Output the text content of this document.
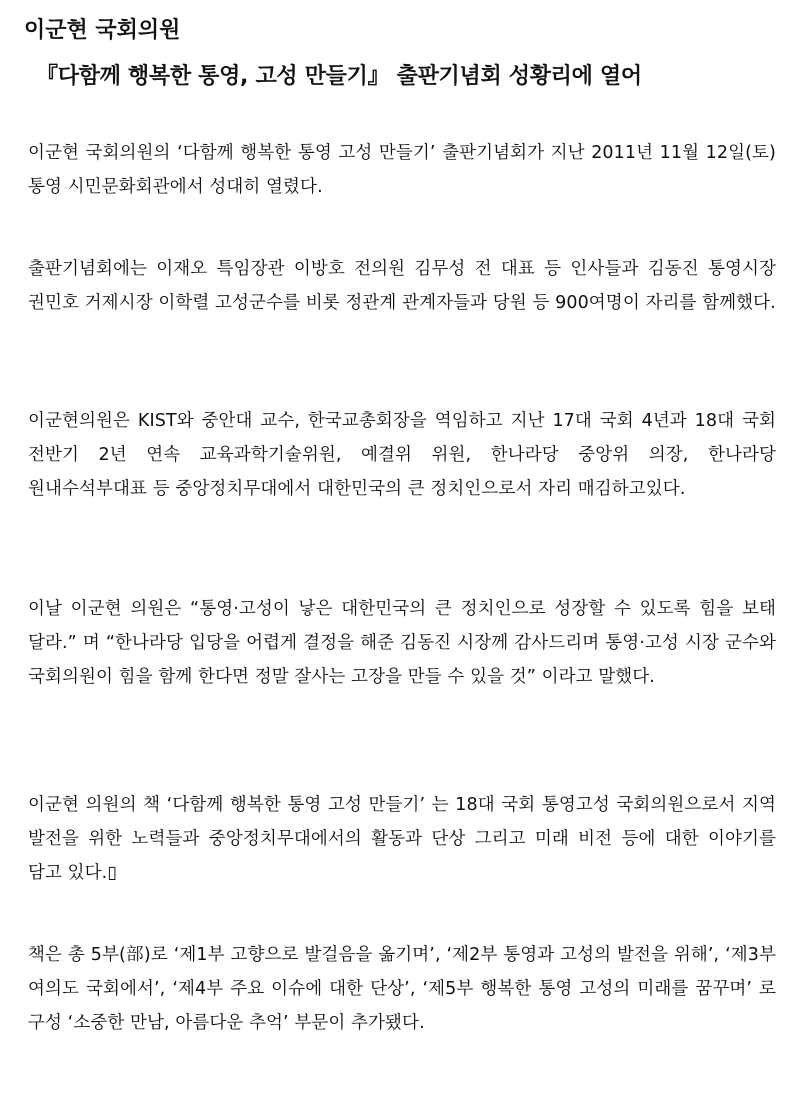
이군현 국회의원
『다함께 행복한 통영, 고성 만들기』 출판기념회 성황리에 열어
이군현 국회의원의 ‘다함께 행복한 통영 고성 만들기’ 출판기념회가 지난 2011년 11월 12일(토) 통영 시민문화회관에서 성대히 열렸다.
출판기념회에는 이재오 특임장관 이방호 전의원 김무성 전 대표 등 인사들과 김동진 통영시장 권민호 거제시장 이학렬 고성군수를 비롯 정관계 관계자들과 당원 등 900여명이 자리를 함께했다.
이군현의원은 KIST와 중안대 교수, 한국교총회장을 역임하고 지난 17대 국회 4년과 18대 국회 전반기 2년 연속 교육과학기술위원, 예결위 위원, 한나라당 중앙위 의장, 한나라당 원내수석부대표 등 중앙정치무대에서 대한민국의 큰 정치인으로서 자리 매김하고있다.
이날 이군현 의원은 “통영·고성이 낳은 대한민국의 큰 정치인으로 성장할 수 있도록 힘을 보태 달라.” 며 “한나라당 입당을 어렵게 결정을 해준 김동진 시장께 감사드리며 통영·고성 시장 군수와 국회의원이 힘을 함께 한다면 정말 잘사는 고장을 만들 수 있을 것” 이라고 말했다.
이군현 의원의 책 ‘다함께 행복한 통영 고성 만들기’ 는 18대 국회 통영고성 국회의원으로서 지역 발전을 위한 노력들과 중앙정치무대에서의 활동과 단상 그리고 미래 비전 등에 대한 이야기를 담고 있다.▯
책은 총 5부(部)로 ‘제1부 고향으로 발걸음을 옮기며’, ‘제2부 통영과 고성의 발전을 위해’, ‘제3부 여의도 국회에서’, ‘제4부 주요 이슈에 대한 단상’, ‘제5부 행복한 통영 고성의 미래를 꿈꾸며’ 로 구성 ‘소중한 만남, 아름다운 추억’ 부문이 추가됐다.
